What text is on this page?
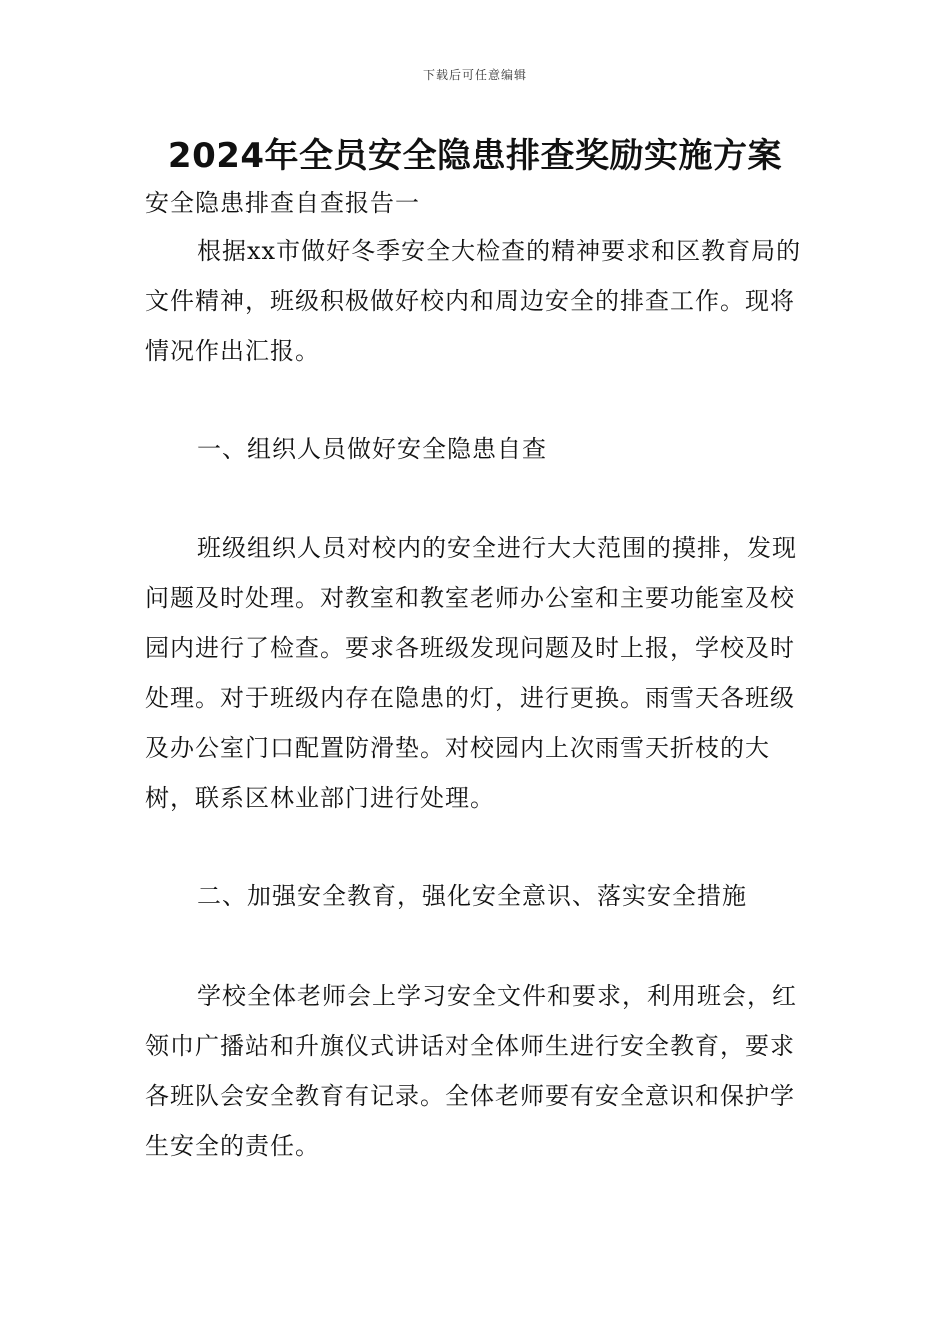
下载后可任意编辑
2024年全员安全隐患排查奖励实施方案
安全隐患排查自查报告一
根据xx市做好冬季安全大检查的精神要求和区教育局的文件精神，班级积极做好校内和周边安全的排查工作。现将情况作出汇报。
一、组织人员做好安全隐患自查
班级组织人员对校内的安全进行大大范围的摸排，发现问题及时处理。对教室和教室老师办公室和主要功能室及校园内进行了检查。要求各班级发现问题及时上报，学校及时处理。对于班级内存在隐患的灯，进行更换。雨雪天各班级及办公室门口配置防滑垫。对校园内上次雨雪天折枝的大树，联系区林业部门进行处理。
二、加强安全教育，强化安全意识、落实安全措施
学校全体老师会上学习安全文件和要求，利用班会，红领巾广播站和升旗仪式讲话对全体师生进行安全教育，要求各班队会安全教育有记录。全体老师要有安全意识和保护学生安全的责任。
